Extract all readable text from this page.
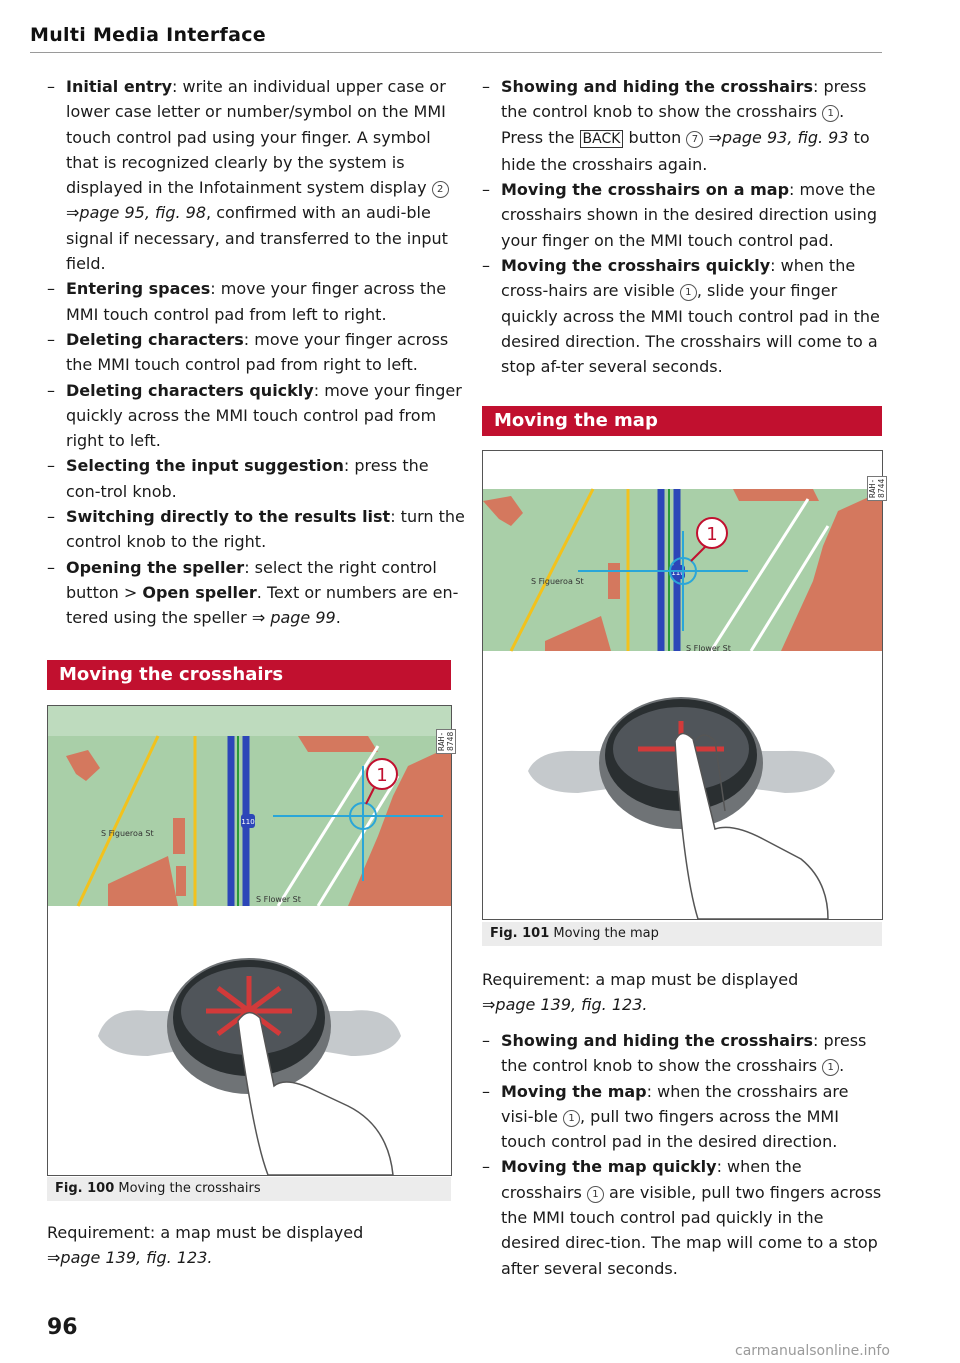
Multi Media Interface
– Initial entry: write an individual upper case or lower case letter or number/symbol on the MMI touch control pad using your finger. A symbol that is recognized clearly by the system is displayed in the Infotainment system display 2 ⇒page 95, fig. 98, confirmed with an audi-ble signal if necessary, and transferred to the input field.
– Entering spaces: move your finger across the MMI touch control pad from left to right.
– Deleting characters: move your finger across the MMI touch control pad from right to left.
– Deleting characters quickly: move your finger quickly across the MMI touch control pad from right to left.
– Selecting the input suggestion: press the con-trol knob.
– Switching directly to the results list: turn the control knob to the right.
– Opening the speller: select the right control button > Open speller. Text or numbers are en-tered using the speller ⇒ page 99.
Moving the crosshairs
110
1
S Figueroa St
S Flower St
RAH-8748
Fig. 100 Moving the crosshairs

Requirement: a map must be displayed

⇒page 139, fig. 123.

96
– Showing and hiding the crosshairs: press the control knob to show the crosshairs 1 . Press the BACK button 7 ⇒page 93, fig. 93 to hide the crosshairs again.
– Moving the crosshairs on a map: move the crosshairs shown in the desired direction using your finger on the MMI touch control pad.
– Moving the crosshairs quickly: when the cross-hairs are visible 1 , slide your finger quickly across the MMI touch control pad in the desired direction. The crosshairs will come to a stop af-ter several seconds.
Moving the map
110
1
S Figueroa St
S Flower St
RAH-8744
Fig. 101 Moving the map

Requirement: a map must be displayed

⇒page 139, fig. 123.

– Showing and hiding the crosshairs: press the control knob to show the crosshairs 1 .
– Moving the map: when the crosshairs are visi-ble 1 , pull two fingers across the MMI touch control pad in the desired direction.
– Moving the map quickly: when the crosshairs 1 are visible, pull two fingers across the MMI touch control pad quickly in the desired direc-tion. The map will come to a stop after several seconds.
carmanualsonline.info
